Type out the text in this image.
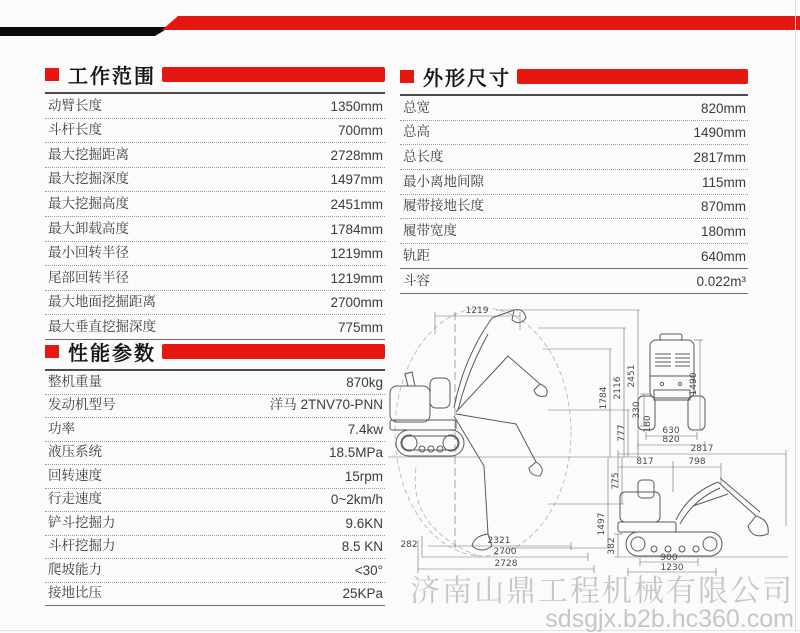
工作范围
动臂长度	1350mm
斗杆长度	700mm
最大挖掘距离	2728mm
最大挖掘深度	1497mm
最大挖掘高度	2451mm
最大卸载高度	1784mm
最小回转半径	1219mm
尾部回转半径	1219mm
最大地面挖掘距离	2700mm
最大垂直挖掘深度	775mm
性能参数
整机重量	870kg
发动机型号	洋马 2TNV70-PNN
功率	7.4kw
液压系统	18.5MPa
回转速度	15rpm
行走速度	0~2km/h
铲斗挖掘力	9.6KN
斗杆挖掘力	8.5 KN
爬坡能力	<30°
接地比压	25KPa
外形尺寸
总宽	820mm
总高	1490mm
总长度	2817mm
最小离地间隙	115mm
履带接地长度	870mm
履带宽度	180mm
轨距	640mm
斗容	0.022m³
1219
2451
2116
1784
777
775
1497
282	2321
2700
2728
1490
330
180 630
820
2817
817	798
382
900
1230
济南山鼎工程机械有限公司
sdsgjx.b2b.hc360.com
